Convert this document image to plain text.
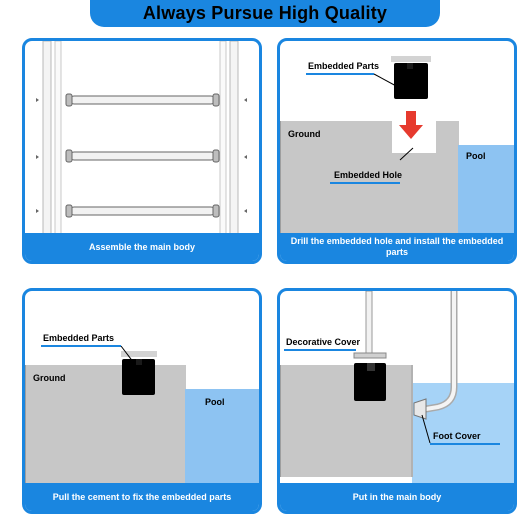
Always Pursue High Quality
Assemble the main body
Embedded Parts
Ground
Pool
Embedded Hole
Drill the embedded hole and install the embedded parts
Embedded Parts
Ground
Pool
Pull the cement to fix the embedded parts
Decorative Cover
Foot Cover
Put in the main body
